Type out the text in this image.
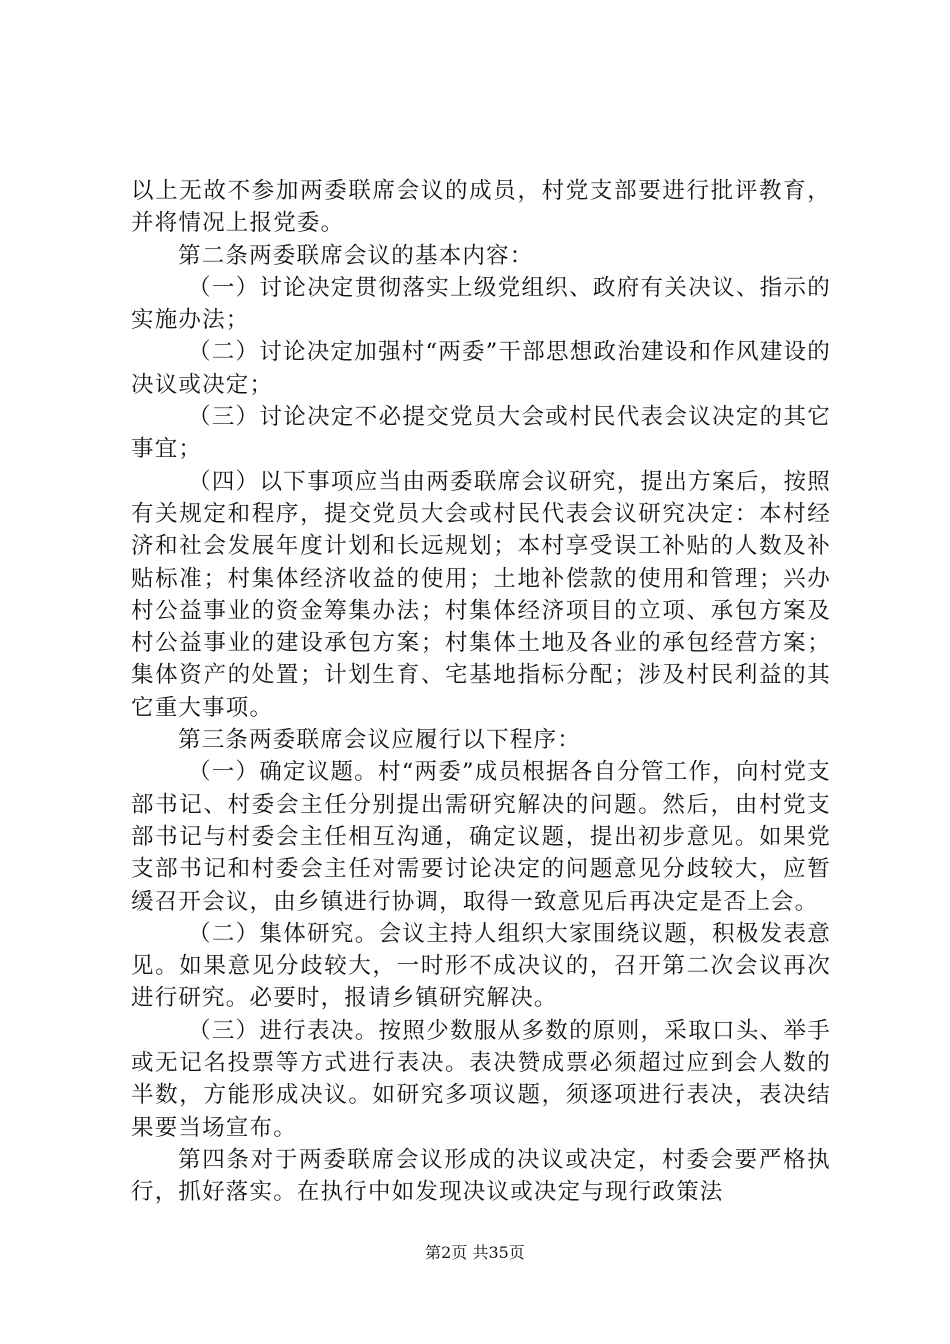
以上无故不参加两委联席会议的成员，村党支部要进行批评教育，并将情况上报党委。

第二条两委联席会议的基本内容：

（一）讨论决定贯彻落实上级党组织、政府有关决议、指示的实施办法；

（二）讨论决定加强村“两委”干部思想政治建设和作风建设的决议或决定；

（三）讨论决定不必提交党员大会或村民代表会议决定的其它事宜；

（四）以下事项应当由两委联席会议研究，提出方案后，按照有关规定和程序，提交党员大会或村民代表会议研究决定：本村经济和社会发展年度计划和长远规划；本村享受误工补贴的人数及补贴标准；村集体经济收益的使用；土地补偿款的使用和管理；兴办村公益事业的资金筹集办法；村集体经济项目的立项、承包方案及村公益事业的建设承包方案；村集体土地及各业的承包经营方案；集体资产的处置；计划生育、宅基地指标分配；涉及村民利益的其它重大事项。

第三条两委联席会议应履行以下程序：

（一）确定议题。村“两委”成员根据各自分管工作，向村党支部书记、村委会主任分别提出需研究解决的问题。然后，由村党支部书记与村委会主任相互沟通，确定议题，提出初步意见。如果党支部书记和村委会主任对需要讨论决定的问题意见分歧较大，应暂缓召开会议，由乡镇进行协调，取得一致意见后再决定是否上会。

（二）集体研究。会议主持人组织大家围绕议题，积极发表意见。如果意见分歧较大，一时形不成决议的，召开第二次会议再次进行研究。必要时，报请乡镇研究解决。

（三）进行表决。按照少数服从多数的原则，采取口头、举手或无记名投票等方式进行表决。表决赞成票必须超过应到会人数的半数，方能形成决议。如研究多项议题，须逐项进行表决，表决结果要当场宣布。

第四条对于两委联席会议形成的决议或决定，村委会要严格执行，抓好落实。在执行中如发现决议或决定与现行政策法

第2页 共35页
